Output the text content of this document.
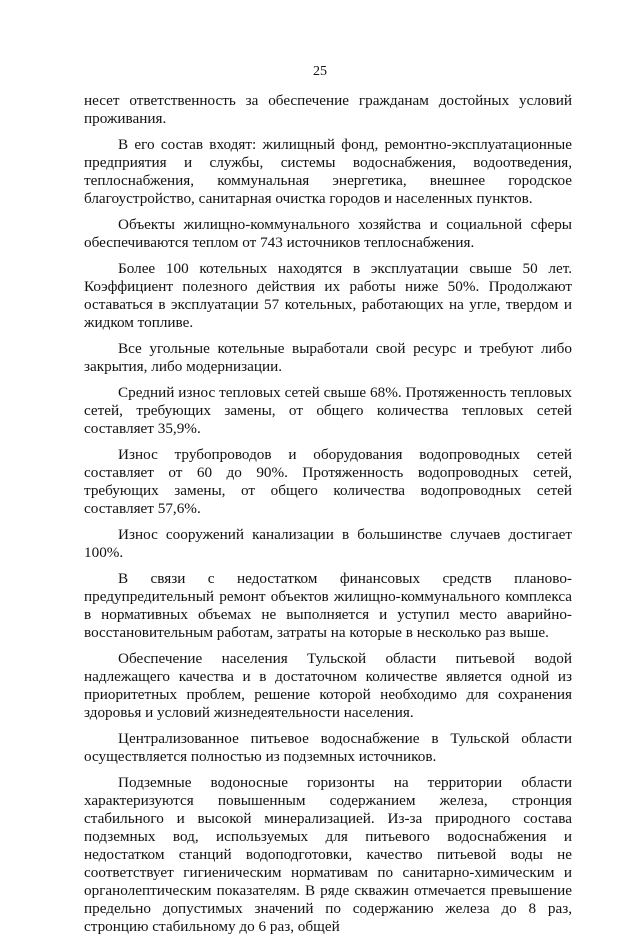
25

несет ответственность за обеспечение гражданам достойных условий проживания.

В его состав входят: жилищный фонд, ремонтно-эксплуатационные предприятия и службы, системы водоснабжения, водоотведения, теплоснабжения, коммунальная энергетика, внешнее городское благоустройство, санитарная очистка городов и населенных пунктов.

Объекты жилищно-коммунального хозяйства и социальной сферы обеспечиваются теплом от 743 источников теплоснабжения.

Более 100 котельных находятся в эксплуатации свыше 50 лет. Коэффициент полезного действия их работы ниже 50%. Продолжают оставаться в эксплуатации 57 котельных, работающих на угле, твердом и жидком топливе.

Все угольные котельные выработали свой ресурс и требуют либо закрытия, либо модернизации.

Средний износ тепловых сетей свыше 68%. Протяженность тепловых сетей, требующих замены, от общего количества тепловых сетей составляет 35,9%.

Износ трубопроводов и оборудования водопроводных сетей составляет от 60 до 90%. Протяженность водопроводных сетей, требующих замены, от общего количества водопроводных сетей составляет 57,6%.

Износ сооружений канализации в большинстве случаев достигает 100%.

В связи с недостатком финансовых средств планово-предупредительный ремонт объектов жилищно-коммунального комплекса в нормативных объемах не выполняется и уступил место аварийно-восстановительным работам, затраты на которые в несколько раз выше.

Обеспечение населения Тульской области питьевой водой надлежащего качества и в достаточном количестве является одной из приоритетных проблем, решение которой необходимо для сохранения здоровья и условий жизнедеятельности населения.

Централизованное питьевое водоснабжение в Тульской области осуществляется полностью из подземных источников.

Подземные водоносные горизонты на территории области характеризуются повышенным содержанием железа, стронция стабильного и высокой минерализацией. Из-за природного состава подземных вод, используемых для питьевого водоснабжения и недостатком станций водоподготовки, качество питьевой воды не соответствует гигиеническим нормативам по санитарно-химическим и органолептическим показателям. В ряде скважин отмечается превышение предельно допустимых значений по содержанию железа до 8 раз, стронцию стабильному до 6 раз, общей
